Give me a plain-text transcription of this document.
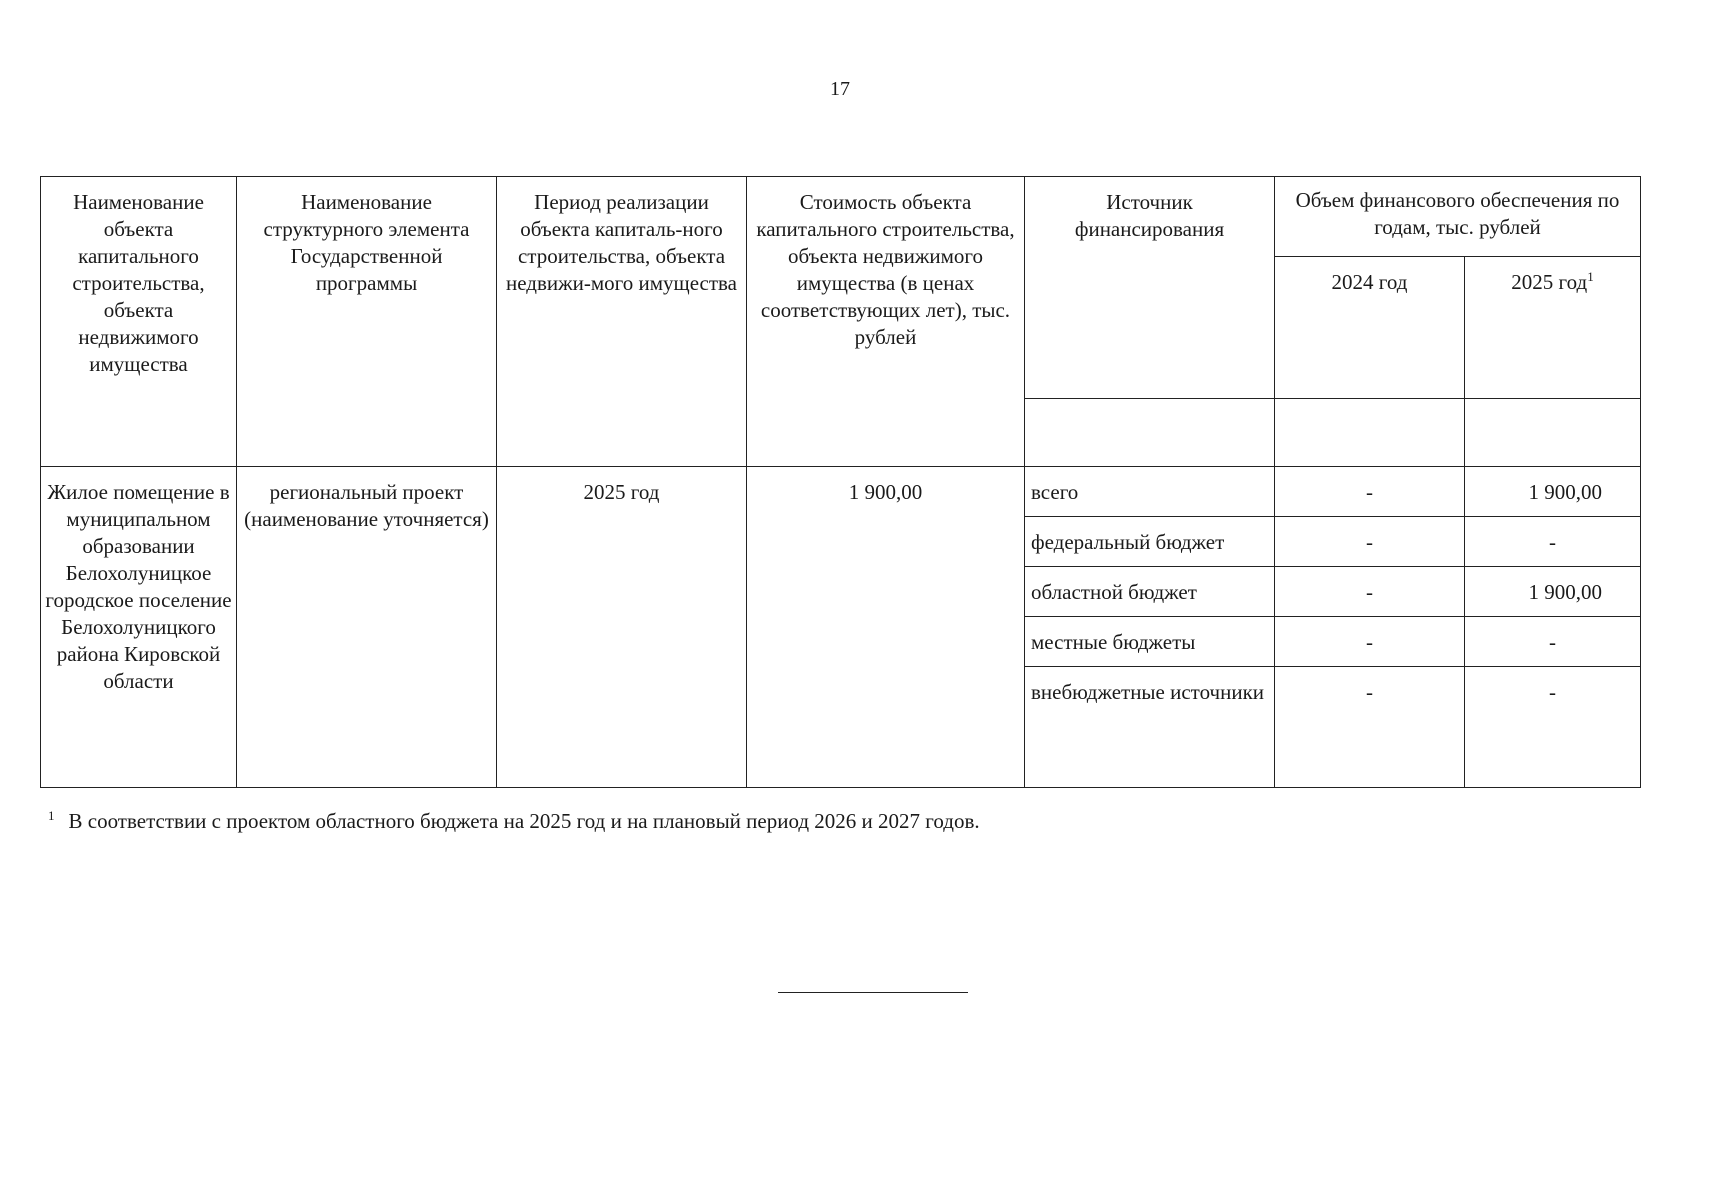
17
Наименование объекта капитального строительства, объекта недвижимого имущества	Наименование структурного элемента Государственной программы	Период реализации объекта капиталь-ного строительства, объекта недвижи-мого имущества	Стоимость объекта капитального строительства, объекта недвижимого имущества (в ценах соответствующих лет), тыс. рублей	Источник финансирования	Объем финансового обеспечения по годам, тыс. рублей	
					2024 год	2025 год$^1$

Жилое помещение в муниципальном образовании Белохолуницкое городское поселение Белохолуницкого района Кировской области	региональный проект (наименование уточняется)	2025 год	1 900,00	всего	-	1 900,00
				федеральный бюджет	-	-
				областной бюджет	-	1 900,00
				местные бюджеты	-	-
				внебюджетные источники	-	-
$^1$ В соответствии с проектом областного бюджета на 2025 год и на плановый период 2026 и 2027 годов.
